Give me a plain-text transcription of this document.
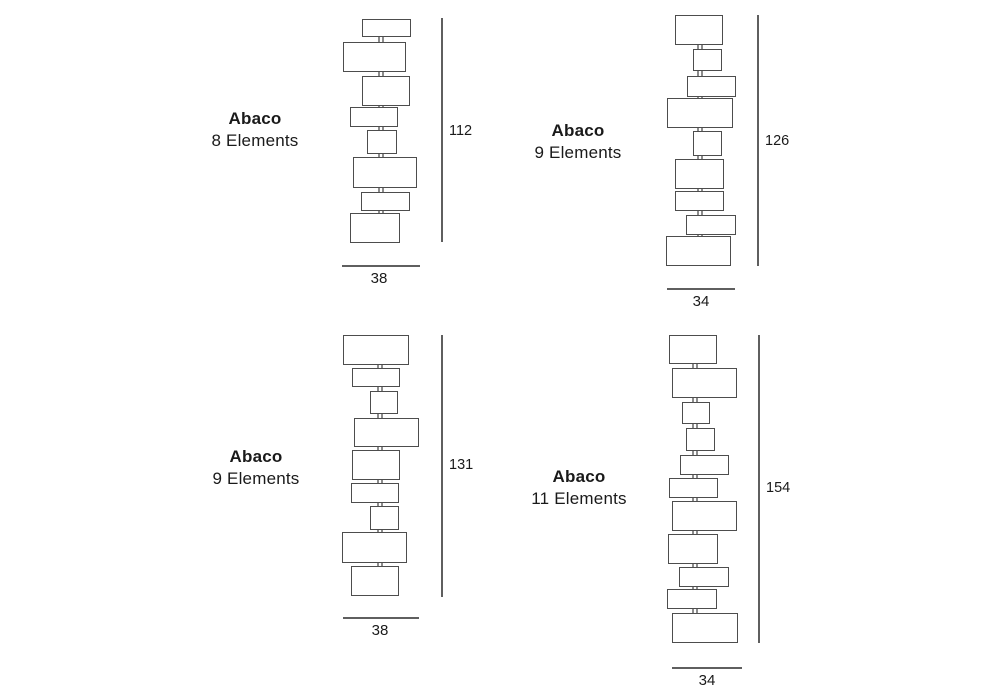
Abaco
8 Elements	112
38
Abaco
9 Elements
126
34
Abaco
9 Elements
131
38
Abaco
11 Elements
154
34
